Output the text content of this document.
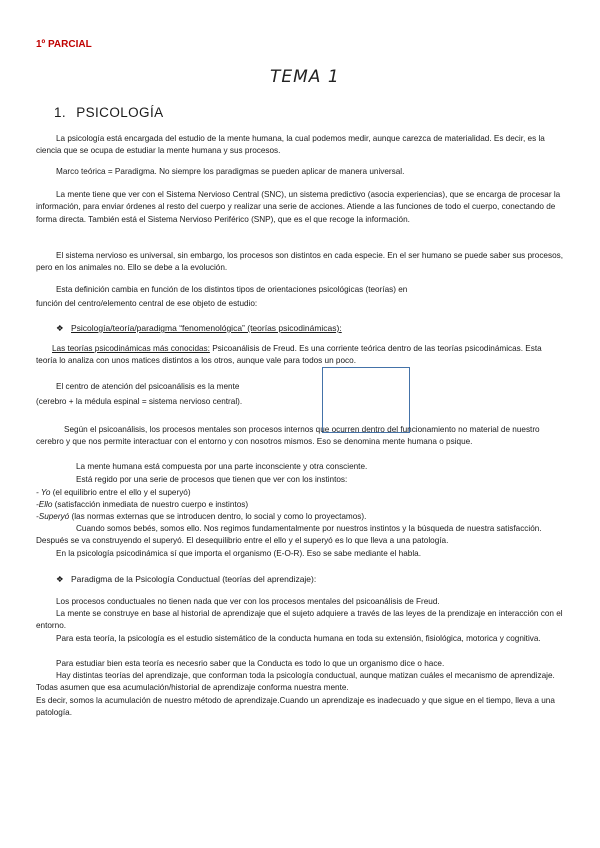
1º PARCIAL
TEMA 1
1. PSICOLOGÍA

La psicología está encargada del estudio de la mente humana, la cual podemos medir, aunque carezca de materialidad. Es decir, es la ciencia que se ocupa de estudiar la mente humana y sus procesos.

Marco teórica = Paradigma. No siempre los paradigmas se pueden aplicar de manera universal.

La mente tiene que ver con el Sistema Nervioso Central (SNC), un sistema predictivo (asocia experiencias), que se encarga de procesar la información, para enviar órdenes al resto del cuerpo y realizar una serie de acciones. Atiende a las funciones de todo el cuerpo, conectando de forma directa. También está el Sistema Nervioso Periférico (SNP), que es el que recoge la información.

El sistema nervioso es universal, sin embargo, los procesos son distintos en cada especie. En el ser humano se puede saber sus procesos, pero en los animales no. Ello se debe a la evolución.

Esta definición cambia en función de los distintos tipos de orientaciones psicológicas (teorías) en

función del centro/elemento central de ese objeto de estudio:

❖ Psicología/teoría/paradigma “fenomenológica” (teorías psicodinámicas):

Las teorías psicodinámicas más conocidas: Psicoanálisis de Freud. Es una corriente teórica dentro de las teorías psicodinámicas. Esta teoría lo analiza con unos matices distintos a los otros, aunque vale para todos un poco.

El centro de atención del psicoanálisis es la mente

(cerebro + la médula espinal = sistema nervioso central).

Según el psicoanálisis, los procesos mentales son procesos internos que ocurren dentro del funcionamiento no material de nuestro cerebro y que nos permite interactuar con el entorno y con nosotros mismos. Eso se denomina mente humana o psique.

La mente humana está compuesta por una parte inconsciente y otra consciente.

Está regido por una serie de procesos que tienen que ver con los instintos:

- Yo (el equilibrio entre el ello y el superyó)

-Ello (satisfacción inmediata de nuestro cuerpo e instintos)

-Superyó (las normas externas que se introducen dentro, lo social y como lo proyectamos).

Cuando somos bebés, somos ello. Nos regimos fundamentalmente por nuestros instintos y la búsqueda de nuestra satisfacción. Después se va construyendo el superyó. El desequilibrio entre el ello y el superyó es lo que lleva a una patología.

En la psicología psicodinámica sí que importa el organismo (E-O-R). Eso se sabe mediante el habla.

❖ Paradigma de la Psicología Conductual (teorías del aprendizaje):

Los procesos conductuales no tienen nada que ver con los procesos mentales del psicoanálisis de Freud.

La mente se construye en base al historial de aprendizaje que el sujeto adquiere a través de las leyes de la prendizaje en interacción con el entorno.

Para esta teoría, la psicología es el estudio sistemático de la conducta humana en toda su extensión, fisiológica, motorica y cognitiva.

Para estudiar bien esta teoría es necesrio saber que la Conducta es todo lo que un organismo dice o hace.

Hay distintas teorías del aprendizaje, que conforman toda la psicología conductual, aunque matizan cuáles el mecanismo de aprendizaje. Todas asumen que esa acumulación/historial de aprendizaje conforma nuestra mente.

Es decir, somos la acumulación de nuestro método de aprendizaje.Cuando un aprendizaje es inadecuado y que sigue en el tiempo, lleva a una patología.
